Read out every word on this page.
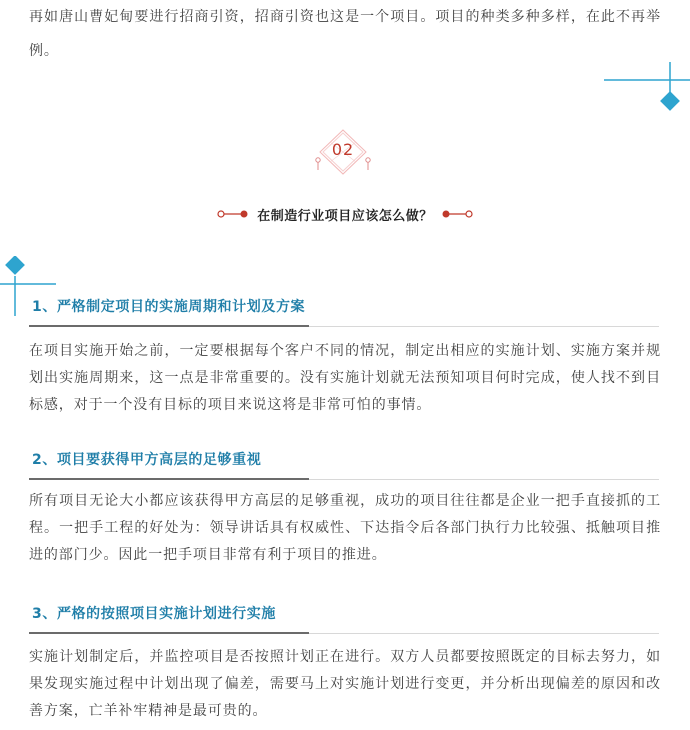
再如唐山曹妃甸要进行招商引资，招商引资也这是一个项目。项目的种类多种多样，在此不再举例。

02
在制造行业项目应该怎么做？
1、严格制定项目的实施周期和计划及方案

在项目实施开始之前，一定要根据每个客户不同的情况，制定出相应的实施计划、实施方案并规划出实施周期来，这一点是非常重要的。没有实施计划就无法预知项目何时完成，使人找不到目标感，对于一个没有目标的项目来说这将是非常可怕的事情。

2、项目要获得甲方高层的足够重视

所有项目无论大小都应该获得甲方高层的足够重视，成功的项目往往都是企业一把手直接抓的工程。一把手工程的好处为：领导讲话具有权威性、下达指令后各部门执行力比较强、抵触项目推进的部门少。因此一把手项目非常有利于项目的推进。

3、严格的按照项目实施计划进行实施

实施计划制定后，并监控项目是否按照计划正在进行。双方人员都要按照既定的目标去努力，如果发现实施过程中计划出现了偏差，需要马上对实施计划进行变更，并分析出现偏差的原因和改善方案，亡羊补牢精神是最可贵的。
